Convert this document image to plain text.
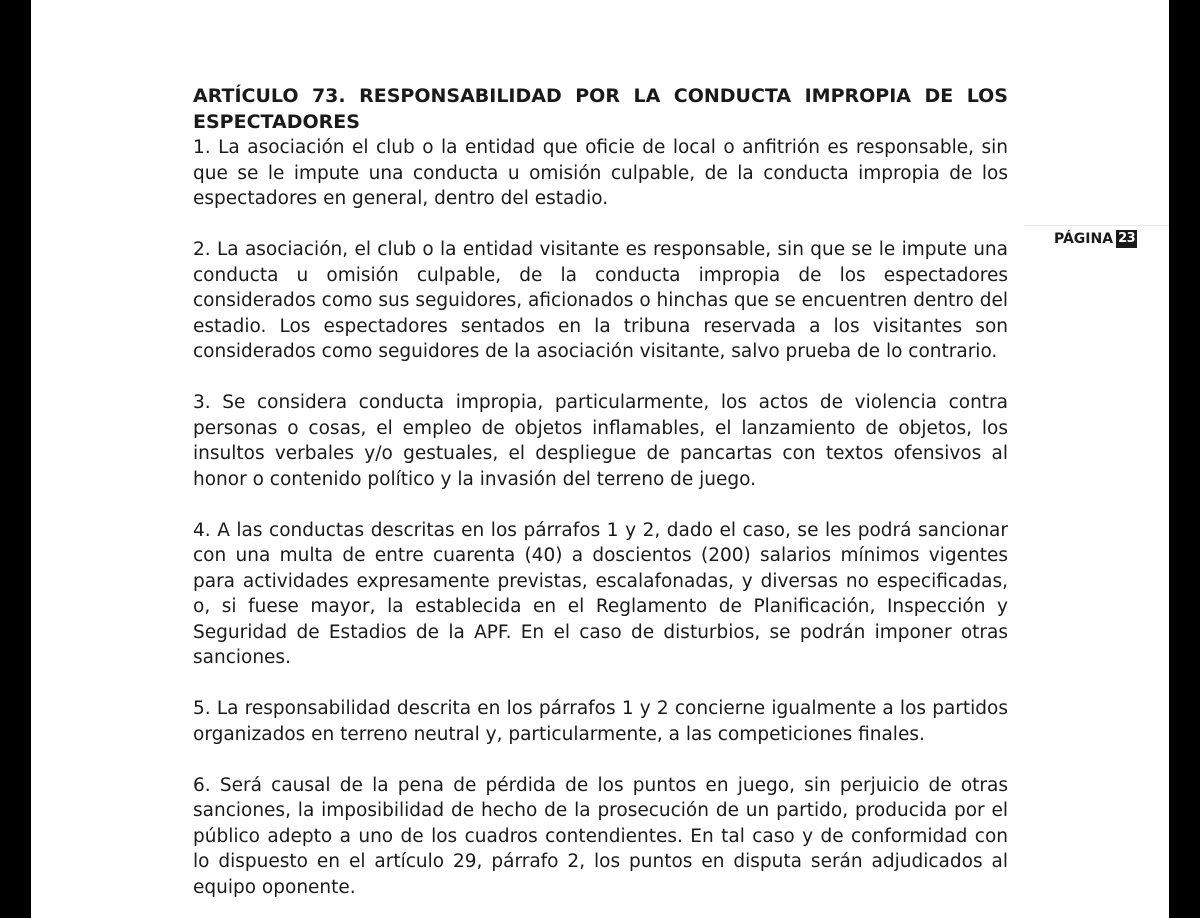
ARTÍCULO 73. RESPONSABILIDAD POR LA CONDUCTA IMPROPIA DE LOS ESPECTADORES

1. La asociación el club o la entidad que oficie de local o anfitrión es responsable, sin que se le impute una conducta u omisión culpable, de la conducta impropia de los espectadores en general, dentro del estadio.

2. La asociación, el club o la entidad visitante es responsable, sin que se le impute una conducta u omisión culpable, de la conducta impropia de los espectadores considerados como sus seguidores, aficionados o hinchas que se encuentren dentro del estadio. Los espectadores sentados en la tribuna reservada a los visitantes son considerados como seguidores de la asociación visitante, salvo prueba de lo contrario.

3. Se considera conducta impropia, particularmente, los actos de violencia contra personas o cosas, el empleo de objetos inflamables, el lanzamiento de objetos, los insultos verbales y/o gestuales, el despliegue de pancartas con textos ofensivos al honor o contenido político y la invasión del terreno de juego.

4. A las conductas descritas en los párrafos 1 y 2, dado el caso, se les podrá sancionar con una multa de entre cuarenta (40) a doscientos (200) salarios mínimos vigentes para actividades expresamente previstas, escalafonadas, y diversas no especificadas, o, si fuese mayor, la establecida en el Reglamento de Planificación, Inspección y Seguridad de Estadios de la APF. En el caso de disturbios, se podrán imponer otras sanciones.

5. La responsabilidad descrita en los párrafos 1 y 2 concierne igualmente a los partidos organizados en terreno neutral y, particularmente, a las competiciones finales.

6. Será causal de la pena de pérdida de los puntos en juego, sin perjuicio de otras sanciones, la imposibilidad de hecho de la prosecución de un partido, producida por el público adepto a uno de los cuadros contendientes. En tal caso y de conformidad con lo dispuesto en el artículo 29, párrafo 2, los puntos en disputa serán adjudicados al equipo oponente.

PÁGINA 23
